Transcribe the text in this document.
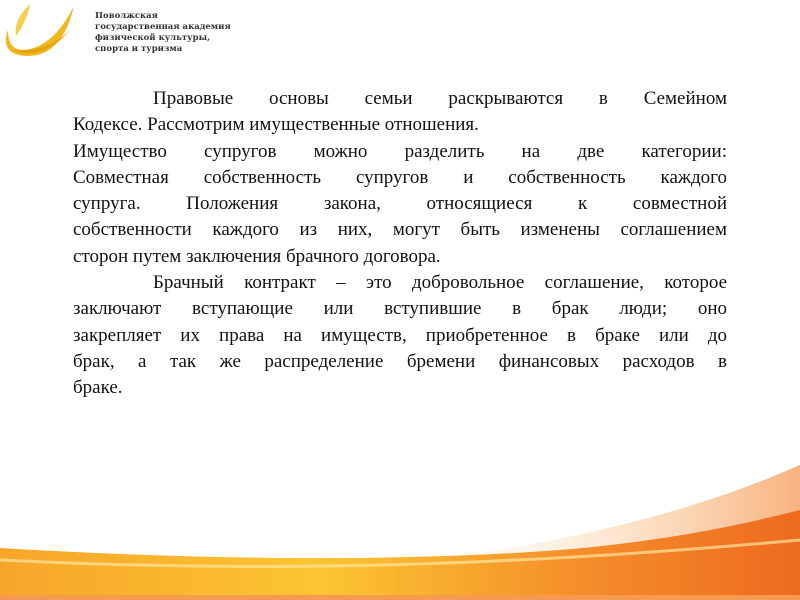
Поволжская
государственная академия
физической культуры,
спорта и туризма
Правовые основы семьи раскрываются в Семейном
Кодексе. Рассмотрим имущественные отношения.
Имущество супругов можно разделить на две категории:
Совместная собственность супругов и собственность каждого
супруга. Положения закона, относящиеся к совместной
собственности каждого из них, могут быть изменены соглашением
сторон путем заключения брачного договора.
Брачный контракт – это добровольное соглашение, которое
заключают вступающие или вступившие в брак люди; оно
закрепляет их права на имуществ, приобретенное в браке или до
брак, а так же распределение бремени финансовых расходов в
браке.
